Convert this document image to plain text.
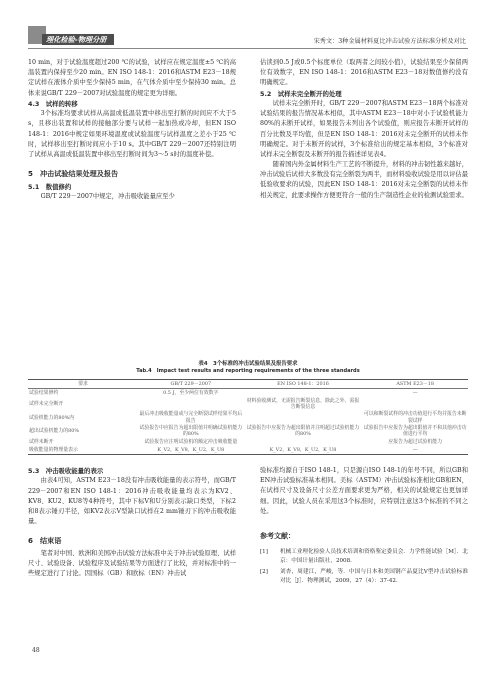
理化检验-物理分册	宋秀文：3种金属材料夏比冲击试验方法标准分析及对比

10 min，对于试验温度超过200 ℃的试验，试样应在规定温度±5 ℃的高温装置内保持至少20 min。EN ISO 148-1：2016和ASTM E23－18规定试样在液体介质中至少保持5 min，在气体介质中至少保持30 min。总体来说GB/T 229－2007对试验温度的规定更为详细。

4.3　试样的转移

3个标准均要求试样从高温或低温装置中移出至打断的时间应不大于5 s，且移出装置和试样的接触部分要与试样一起加热或冷却，但EN ISO 148-1：2016中规定如果环境温度或试验温度与试样温度之差小于25 ℃时，试样移出至打断时间应小于10 s。其中GB/T 229－2007还特别注明了试样从高温或低温装置中移出至打断时间为3～5 s时的温度补偿。

5　冲击试验结果处理及报告
5.1　数值修约

GB/T 229－2007中规定，冲击吸收能量应至少

估读到0.5 J或0.5个标度单位（取两者之间较小值），试验结果至少保留两位有效数字，EN ISO 148-1：2016和ASTM E23－18对数值修约没有明确规定。

5.2　试样未完全断开的处理

试样未完全断开时，GB/T 229－2007和ASTM E23－18两个标准对试验结果的报告情况基本相似，其中ASTM E23－18中对小于试验机能力80%的未断开试样，如果报告未列出各个试验值，则应报告未断开试样的百分比数及平均值，但是EN ISO 148-1：2016对未完全断开的试样未作明确规定。对于未断开的试样，3个标准给出的规定基本相似，3个标准对试样未完全断裂及未断开的报告描述详见表4。

随着国内外金属材料生产工艺的不断提升，材料的冲击韧性越来越好，冲击试验后试样大多数没有完全断裂为两半，而材料验收试验是用以评估最低验收要求的试验，因此EN ISO 148-1：2016对未完全断裂的试样未作相关规定，此要求操作方便更符合一般的生产制造性企业的检测试验需求。

表4　3个标准的冲击试验结果及报告要求
Tab.4　Impact test results and reporting requirements of the three standards
要求	GB/T 229－2007	EN ISO 148-1：2016	ASTM E23－18
试验结果修约	0.5 J，至少两位有效数字		—
试样未完全断开		材料验收测试，无需报告断裂信息，除此之外，需报告断裂信息	
试验机能力的80%内	最后冲击吸收能量或与完全断裂试样结果平均后报告		可以和断裂试样的冲击功值进行平均并报告未断裂试样
超出试验机能力的80%	试验报告中应报告为超出限值并明确试验机能力的80%	试验报告中应报告为超出限值并注明超过试验机能力的80%	试验报告中应报告为超出限值并不和其他冲击功值进行平均
试样未断开	试验报告应注明试验机的额定冲击吸收能量		应报告为超过试验机能力
吸收能量的物理量表示	K_V2，K_V8，K_U2，K_U8	K_V2，K_V8，K_U2，K_U8	—
5.3　冲击吸收能量的表示

由表4可知，ASTM E23－18没有冲击吸收能量的表示符号，而GB/T 229－2007和EN ISO 148-1：2016冲击吸收能量均表示为KV2、KV8、KU2、KU8等4种符号，其中下标V和U分别表示缺口类型，下标2和8表示锤刃半径，如KV2表示V型缺口试样在2 mm锤刃下的冲击吸收能量。

6　结束语

笔者对中国、欧洲和美国冲击试验方法标准中关于冲击试验原理、试样尺寸、试验设备、试验程序及试验结果等方面进行了比较，并对标准中的一些规定进行了讨论。因国标（GB）和欧标（EN）冲击试

验标准均源自于ISO 148-1，只是源自ISO 148-1的年号不同，所以GB和EN冲击试验标准基本相同。美标（ASTM）冲击试验标准相比GB和EN，在试样尺寸及设备尺寸公差方面要求更为严格，相关的试验规定也更加详细。因此，试验人员在采用这3个标准时，应特别注意这3个标准的不同之处。

参考文献：
[1]	机械工业理化检验人员技术培训和资格鉴定委员会．力学性能试验［M］．北京：中国计量出版社，2008．
[2]	刘杏，周建江，严峻，等．中国与日本和美国钢产品夏比V型冲击试验标准对比［J］．物理测试，2009，27（4）：37-42．
48
